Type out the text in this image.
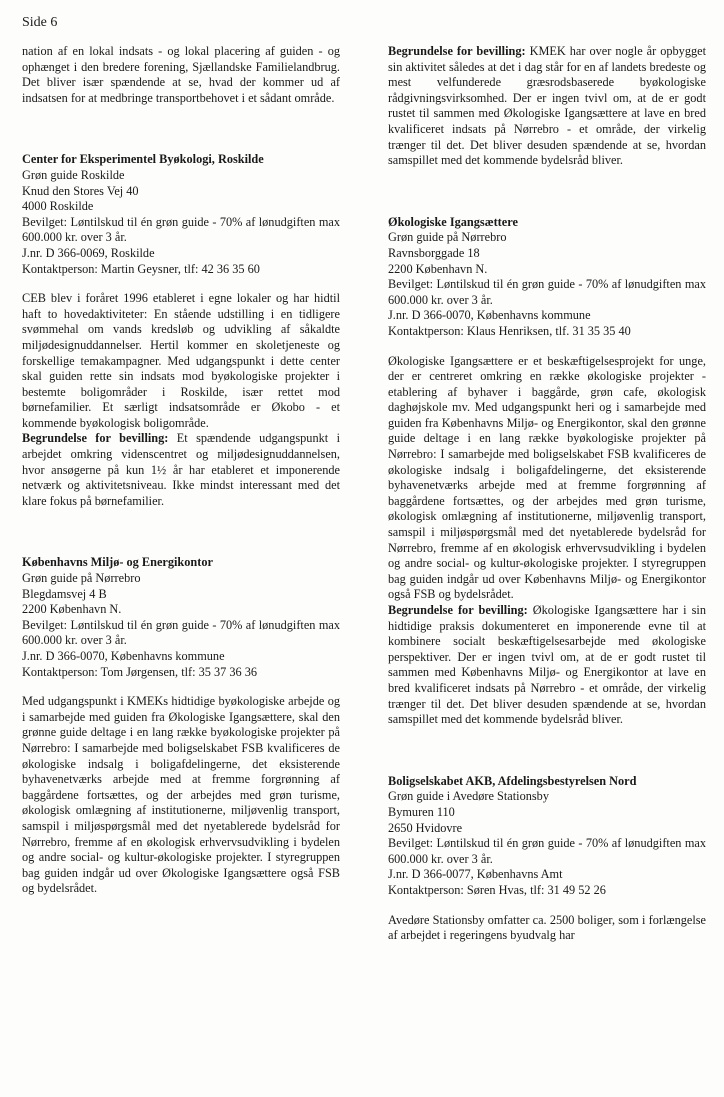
Side 6

nation af en lokal indsats - og lokal placering af guiden - og ophænget i den bredere forening, Sjællandske Familielandbrug. Det bliver især spændende at se, hvad der kommer ud af indsatsen for at medbringe transportbehovet i et sådant område.

Center for Eksperimentel Byøkologi, Roskilde

Grøn guide Roskilde
Knud den Stores Vej 40
4000 Roskilde

Bevilget: Løntilskud til én grøn guide - 70% af lønudgiften max 600.000 kr. over 3 år.

J.nr. D 366-0069, Roskilde
Kontaktperson: Martin Geysner, tlf: 42 36 35 60

CEB blev i foråret 1996 etableret i egne lokaler og har hidtil haft to hovedaktiviteter: En stående udstilling i en tidligere svømmehal om vands kredsløb og udvikling af såkaldte miljødesignuddannelser. Hertil kommer en skoletjeneste og forskellige temakampagner. Med udgangspunkt i dette center skal guiden rette sin indsats mod byøkologiske projekter i bestemte boligområder i Roskilde, især rettet mod børnefamilier. Et særligt indsatsområde er Økobo - et kommende byøkologisk boligområde.

Begrundelse for bevilling: Et spændende udgangspunkt i arbejdet omkring videnscentret og miljødesignuddannelsen, hvor ansøgerne på kun 1½ år har etableret et imponerende netværk og aktivitetsniveau. Ikke mindst interessant med det klare fokus på børnefamilier.

Københavns Miljø- og Energikontor

Grøn guide på Nørrebro
Blegdamsvej 4 B
2200 København N.

Bevilget: Løntilskud til én grøn guide - 70% af lønudgiften max 600.000 kr. over 3 år.

J.nr. D 366-0070, Københavns kommune
Kontaktperson: Tom Jørgensen, tlf: 35 37 36 36

Med udgangspunkt i KMEKs hidtidige byøkologiske arbejde og i samarbejde med guiden fra Økologiske Igangsættere, skal den grønne guide deltage i en lang række byøkologiske projekter på Nørrebro: I samarbejde med boligselskabet FSB kvalificeres de økologiske indsalg i boligafdelingerne, det eksisterende byhavenetværks arbejde med at fremme forgrønning af baggårdene fortsættes, og der arbejdes med grøn turisme, økologisk omlægning af institutionerne, miljøvenlig transport, samspil i miljøspørgsmål med det nyetablerede bydelsråd for Nørrebro, fremme af en økologisk erhvervsudvikling i bydelen og andre social- og kultur-økologiske projekter. I styregruppen bag guiden indgår ud over Økologiske Igangsættere også FSB og bydelsrådet.

Begrundelse for bevilling: KMEK har over nogle år opbygget sin aktivitet således at det i dag står for en af landets bredeste og mest velfunderede græsrodsbaserede byøkologiske rådgivningsvirksomhed. Der er ingen tvivl om, at de er godt rustet til sammen med Økologiske Igangsættere at lave en bred kvalificeret indsats på Nørrebro - et område, der virkelig trænger til det. Det bliver desuden spændende at se, hvordan samspillet med det kommende bydelsråd bliver.

Økologiske Igangsættere

Grøn guide på Nørrebro
Ravnsborggade 18
2200 København N.

Bevilget: Løntilskud til én grøn guide - 70% af lønudgiften max 600.000 kr. over 3 år.

J.nr. D 366-0070, Københavns kommune
Kontaktperson: Klaus Henriksen, tlf. 31 35 35 40

Økologiske Igangsættere er et beskæftigelsesprojekt for unge, der er centreret omkring en række økologiske projekter - etablering af byhaver i baggårde, grøn cafe, økologisk daghøjskole mv. Med udgangspunkt heri og i samarbejde med guiden fra Københavns Miljø- og Energikontor, skal den grønne guide deltage i en lang række byøkologiske projekter på Nørrebro: I samarbejde med boligselskabet FSB kvalificeres de økologiske indsalg i boligafdelingerne, det eksisterende byhavenetværks arbejde med at fremme forgrønning af baggårdene fortsættes, og der arbejdes med grøn turisme, økologisk omlægning af institutionerne, miljøvenlig transport, samspil i miljøspørgsmål med det nyetablerede bydelsråd for Nørrebro, fremme af en økologisk erhvervsudvikling i bydelen og andre social- og kultur-økologiske projekter. I styregruppen bag guiden indgår ud over Københavns Miljø- og Energikontor også FSB og bydelsrådet.

Begrundelse for bevilling: Økologiske Igangsættere har i sin hidtidige praksis dokumenteret en imponerende evne til at kombinere socialt beskæftigelsesarbejde med økologiske perspektiver. Der er ingen tvivl om, at de er godt rustet til sammen med Københavns Miljø- og Energikontor at lave en bred kvalificeret indsats på Nørrebro - et område, der virkelig trænger til det. Det bliver desuden spændende at se, hvordan samspillet med det kommende bydelsråd bliver.

Boligselskabet AKB, Afdelingsbestyrelsen Nord

Grøn guide i Avedøre Stationsby
Bymuren 110
2650 Hvidovre

Bevilget: Løntilskud til én grøn guide - 70% af lønudgiften max 600.000 kr. over 3 år.

J.nr. D 366-0077, Københavns Amt
Kontaktperson: Søren Hvas, tlf: 31 49 52 26

Avedøre Stationsby omfatter ca. 2500 boliger, som i forlængelse af arbejdet i regeringens byudvalg har
